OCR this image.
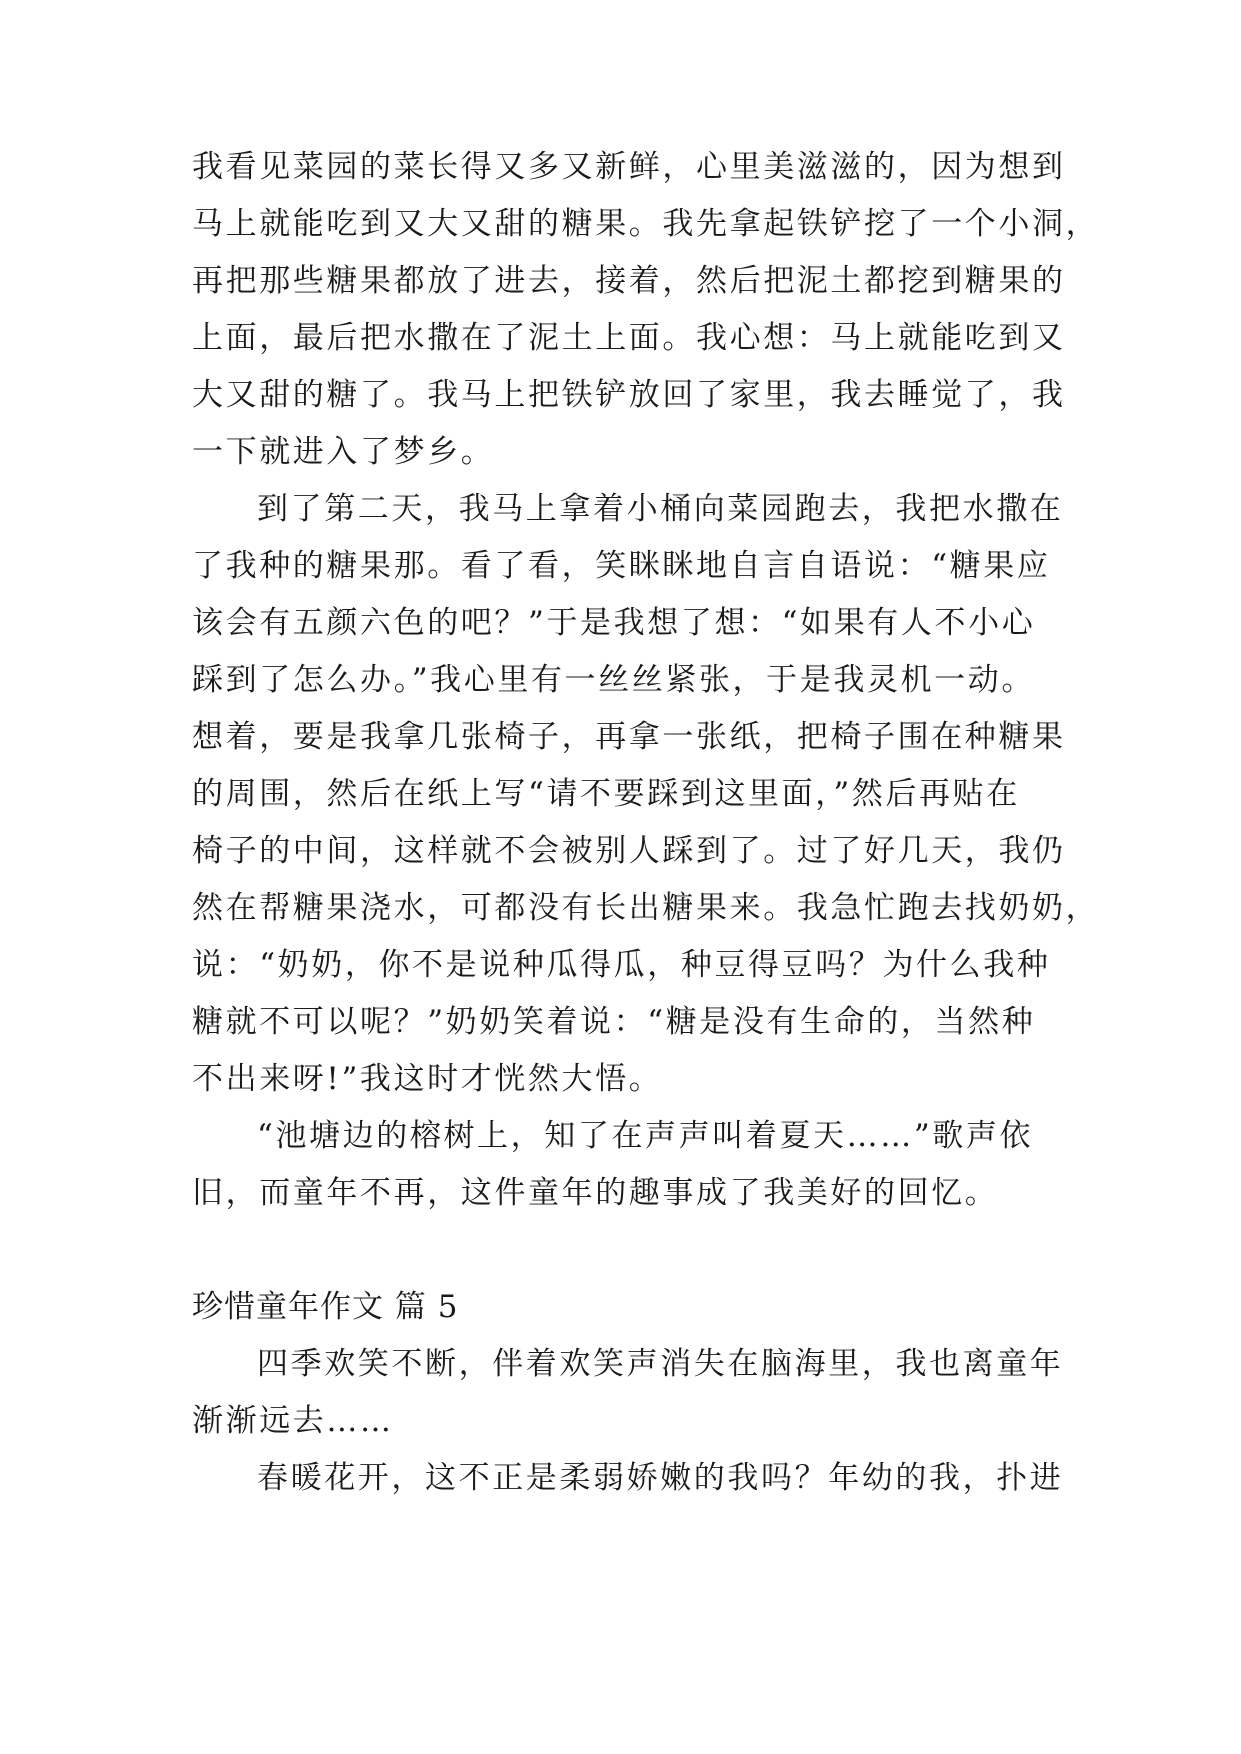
我看见菜园的菜长得又多又新鲜，心里美滋滋的，因为想到
马上就能吃到又大又甜的糖果。我先拿起铁铲挖了一个小洞，
再把那些糖果都放了进去，接着，然后把泥土都挖到糖果的
上面，最后把水撒在了泥土上面。我心想：马上就能吃到又
大又甜的糖了。我马上把铁铲放回了家里，我去睡觉了，我
一下就进入了梦乡。
到了第二天，我马上拿着小桶向菜园跑去，我把水撒在
了我种的糖果那。看了看，笑眯眯地自言自语说：“糖果应
该会有五颜六色的吧？”于是我想了想：“如果有人不小心
踩到了怎么办。”我心里有一丝丝紧张，于是我灵机一动。
想着，要是我拿几张椅子，再拿一张纸，把椅子围在种糖果
的周围，然后在纸上写“请不要踩到这里面，”然后再贴在
椅子的中间，这样就不会被别人踩到了。过了好几天，我仍
然在帮糖果浇水，可都没有长出糖果来。我急忙跑去找奶奶，
说：“奶奶，你不是说种瓜得瓜，种豆得豆吗？为什么我种
糖就不可以呢？”奶奶笑着说：“糖是没有生命的，当然种
不出来呀!”我这时才恍然大悟。
“池塘边的榕树上，知了在声声叫着夏天……”歌声依
旧，而童年不再，这件童年的趣事成了我美好的回忆。
珍惜童年作文 篇 5
四季欢笑不断，伴着欢笑声消失在脑海里，我也离童年
渐渐远去……
春暖花开，这不正是柔弱娇嫩的我吗？年幼的我，扑进
